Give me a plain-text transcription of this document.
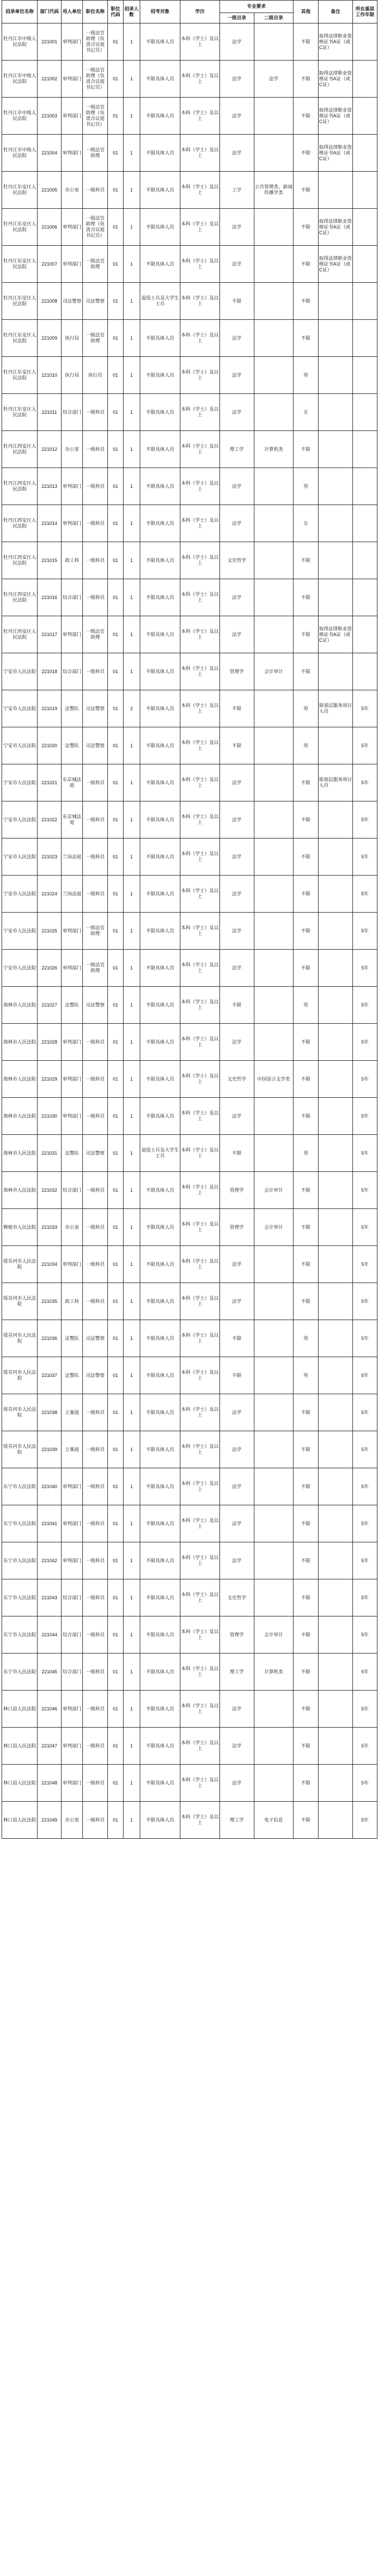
招录单位名称	部门代码	用人单位	职位名称	职位代码	招录人数	招考对象	学历	专业要求		其他	备注	所在基层工作年限
								一级目录	二级目录			
牡丹江市中级人民法院	221001	审判部门	一级法官助理（负责合议庭书记员）	01	1	不限具体人员	本科（学士）及以上	法学		不限	取得法律职业资格证书A证（或C证）	
牡丹江市中级人民法院	221002	审判部门	一级法官助理（负责合议庭书记员）	01	1	不限具体人员	本科（学士）及以上	法学	法学	不限	取得法律职业资格证书A证（或C证）	
牡丹江市中级人民法院	221003	审判部门	一级法官助理（负责合议庭书记员）	01	1	不限具体人员	本科（学士）及以上	法学		不限	取得法律职业资格证书A证（或C证）	
牡丹江市中级人民法院	221004	审判部门	一级法官助理	01	1	不限具体人员	本科（学士）及以上	法学		不限	取得法律职业资格证书A证（或C证）	
牡丹江东安区人民法院	221005	办公室	一级科员	01	1	不限具体人员	本科（学士）及以上	工学	公共管理类、新闻传播学类	不限		
牡丹江东安区人民法院	221006	审判部门	一级法官助理（负责合议庭书记员）	01	1	不限具体人员	本科（学士）及以上	法学		不限	取得法律职业资格证书A证（或C证）	
牡丹江东安区人民法院	221007	审判部门	一级法官助理	01	1	不限具体人员	本科（学士）及以上	法学		不限	取得法律职业资格证书A证（或C证）	
牡丹江东安区人民法院	221008	司法警察	司法警察	01	1	退役士兵及大学生士兵	本科（学士）及以上	不限		不限		
牡丹江东安区人民法院	221009	执行局	一级法官助理	01	1	不限具体人员	本科（学士）及以上	法学		不限		
牡丹江东安区人民法院	221010	执行局	执行员	01	1	不限具体人员	本科（学士）及以上	法学		男		
牡丹江东安区人民法院	221011	综合部门	一级科员	01	1	不限具体人员	本科（学士）及以上	法学		女		
牡丹江西安区人民法院	221012	办公室	一级科员	01	1	不限具体人员	本科（学士）及以上	理工学	计算机类	不限		
牡丹江西安区人民法院	221013	审判部门	一级科员	01	1	不限具体人员	本科（学士）及以上	法学		男		
牡丹江西安区人民法院	221014	审判部门	一级科员	01	1	不限具体人员	本科（学士）及以上	法学		女		
牡丹江西安区人民法院	221015	政工科	一级科员	01	1	不限具体人员	本科（学士）及以上	文史哲学		不限		
牡丹江西安区人民法院	221016	综合部门	一级科员	01	1	不限具体人员	本科（学士）及以上	法学		不限		
牡丹江西安区人民法院	221017	审判部门	一级法官助理	01	1	不限具体人员	本科（学士）及以上	法学		不限	取得法律职业资格证书A证（或C证）	
宁安市人民法院	221018	综合部门	一级科员	01	1	不限具体人员	本科（学士）及以上	管理学	会计审计	不限		
宁安市人民法院	221019	法警队	司法警察	01	2	不限具体人员	本科（学士）及以上	不限		男	限基层服务项目人员	5年
宁安市人民法院	221020	法警队	司法警察	01	1	不限具体人员	本科（学士）及以上	不限		男		5年
宁安市人民法院	221021	东京城法庭	一级科员	01	1	不限具体人员	本科（学士）及以上	法学		不限	限基层服务项目人员	5年
宁安市人民法院	221022	东京城法庭	一级科员	01	1	不限具体人员	本科（学士）及以上	法学		不限		5年
宁安市人民法院	221023	兰岗法庭	一级科员	01	1	不限具体人员	本科（学士）及以上	法学		不限		5年
宁安市人民法院	221024	兰岗法庭	一级科员	01	1	不限具体人员	本科（学士）及以上	法学		不限		5年
宁安市人民法院	221025	审判部门	一级法官助理	01	1	不限具体人员	本科（学士）及以上	法学		不限		5年
宁安市人民法院	221026	审判部门	一级法官助理	01	1	不限具体人员	本科（学士）及以上	法学		不限		5年
海林市人民法院	221027	法警队	司法警察	01	1	不限具体人员	本科（学士）及以上	不限		男		5年
海林市人民法院	221028	审判部门	一级科员	01	1	不限具体人员	本科（学士）及以上	法学		不限		5年
海林市人民法院	221029	审判部门	一级科员	01	1	不限具体人员	本科（学士）及以上	文史哲学	中国语言文学类	不限		5年
海林市人民法院	221030	审判部门	一级科员	01	1	不限具体人员	本科（学士）及以上	法学		不限		5年
海林市人民法院	221031	法警队	司法警察	01	1	退役士兵及大学生士兵	本科（学士）及以上	不限		男		5年
海林市人民法院	221032	综合部门	一级科员	01	1	不限具体人员	本科（学士）及以上	管理学	会计审计	不限		5年
穆棱市人民法院	221033	办公室	一级科员	01	1	不限具体人员	本科（学士）及以上	管理学	会计审计	不限		5年
绥芬河市人民法院	221034	审判部门	一级科员	01	1	不限具体人员	本科（学士）及以上	法学		不限		5年
绥芬河市人民法院	221035	政工科	一级科员	01	1	不限具体人员	本科（学士）及以上	法学		不限		5年
绥芬河市人民法院	221036	法警队	司法警察	01	1	不限具体人员	本科（学士）及以上	不限		男		5年
绥芬河市人民法院	221037	法警队	司法警察	01	1	不限具体人员	本科（学士）及以上	不限		男		5年
绥芬河市人民法院	221038	立案庭	一级科员	01	1	不限具体人员	本科（学士）及以上	法学		不限		5年
绥芬河市人民法院	221039	立案庭	一级科员	01	1	不限具体人员	本科（学士）及以上	法学		不限		5年
东宁市人民法院	221040	审判部门	一级科员	01	1	不限具体人员	本科（学士）及以上	法学		不限		5年
东宁市人民法院	221041	审判部门	一级科员	01	1	不限具体人员	本科（学士）及以上	法学		不限		5年
东宁市人民法院	221042	审判部门	一级科员	01	1	不限具体人员	本科（学士）及以上	法学		不限		5年
东宁市人民法院	221043	综合部门	一级科员	01	1	不限具体人员	本科（学士）及以上	文史哲学		不限		5年
东宁市人民法院	221044	综合部门	一级科员	01	1	不限具体人员	本科（学士）及以上	管理学	会计审计	不限		5年
东宁市人民法院	221045	综合部门	一级科员	01	1	不限具体人员	本科（学士）及以上	理工学	计算机类	不限		5年
林口县人民法院	221046	审判部门	一级科员	01	1	不限具体人员	本科（学士）及以上	法学		不限		5年
林口县人民法院	221047	审判部门	一级科员	01	1	不限具体人员	本科（学士）及以上	法学		不限		5年
林口县人民法院	221048	审判部门	一级科员	01	1	不限具体人员	本科（学士）及以上	法学		不限		5年
林口县人民法院	221049	办公室	一级科员	01	1	不限具体人员	本科（学士）及以上	理工学	电子信息	不限		5年
